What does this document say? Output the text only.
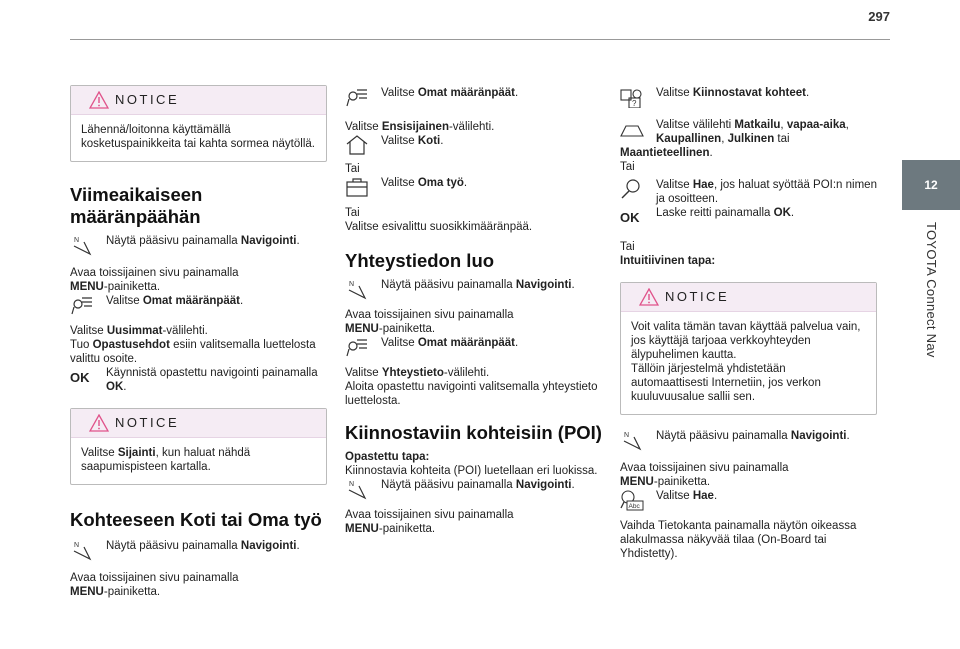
297
12
TOYOTA Connect Nav
NOTICE

Lähennä/loitonna käyttämällä kosketuspainikkeita tai kahta sormea näytöllä.

Viimeaikaiseen määränpäähän
N Näytä pääsivu painamalla Navigointi.

Avaa toissijainen sivu painamalla
MENU-painiketta.

Valitse Omat määränpäät.

Valitse Uusimmat-välilehti.
Tuo Opastusehdot esiin valitsemalla luettelosta valittu osoite.

OK Käynnistä opastettu navigointi painamalla OK.

NOTICE

Valitse Sijainti, kun haluat nähdä saapumispisteen kartalla.

Kohteeseen Koti tai Oma työ
N Näytä pääsivu painamalla Navigointi.

Avaa toissijainen sivu painamalla
MENU-painiketta.

Valitse Omat määränpäät.

Valitse Ensisijainen-välilehti.

Valitse Koti.

Tai

Valitse Oma työ.

Tai
Valitse esivalittu suosikkimääränpää.

Yhteystiedon luo
N Näytä pääsivu painamalla Navigointi.

Avaa toissijainen sivu painamalla
MENU-painiketta.

Valitse Omat määränpäät.

Valitse Yhteystieto-välilehti.
Aloita opastettu navigointi valitsemalla yhteystieto luettelosta.

Kiinnostaviin kohteisiin (POI)

Opastettu tapa:
Kiinnostavia kohteita (POI) luetellaan eri luokissa.

N Näytä pääsivu painamalla Navigointi.

Avaa toissijainen sivu painamalla
MENU-painiketta.

?

Valitse Kiinnostavat kohteet.

Valitse välilehti Matkailu, vapaa-aika, Kaupallinen, Julkinen tai

Maantieteellinen.
Tai

Valitse Hae, jos haluat syöttää POI:n nimen ja osoitteen.

OK Laske reitti painamalla OK.

Tai
Intuitiivinen tapa:

NOTICE

Voit valita tämän tavan käyttää palvelua vain, jos käyttäjä tarjoaa verkkoyhteyden älypuhelimen kautta.
Tällöin järjestelmä yhdistetään automaattisesti Internetiin, jos verkon kuuluvuusalue sallii sen.

N Näytä pääsivu painamalla Navigointi.

Avaa toissijainen sivu painamalla
MENU-painiketta.

Abc

Valitse Hae.

Vaihda Tietokanta painamalla näytön oikeassa alakulmassa näkyvää tilaa (On-Board tai Yhdistetty).
